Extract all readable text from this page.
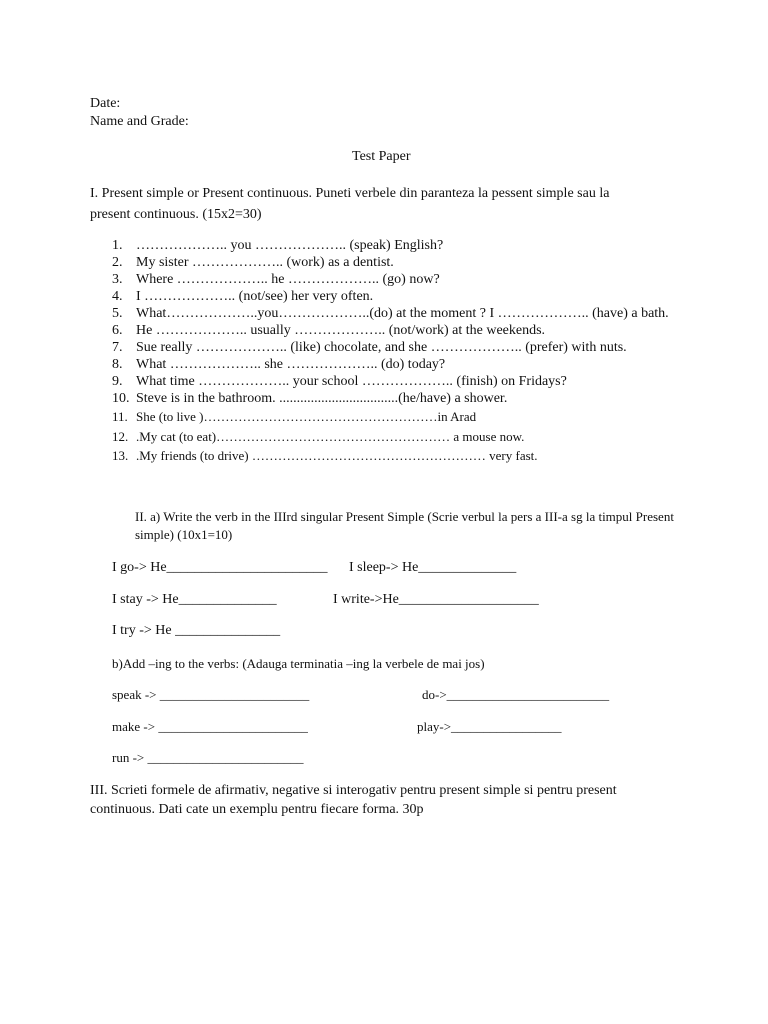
Date:
Name and Grade:
Test Paper
I. Present simple or Present continuous. Puneti verbele din paranteza la pessent simple sau la present continuous. (15x2=30)
1. ……………….. you ……………….. (speak) English?
2. My sister ……………….. (work) as a dentist.
3. Where ……………….. he ……………….. (go) now?
4. I ……………….. (not/see) her very often.
5. What………………..you………………..(do) at the moment ? I ……………….. (have) a bath.
6. He ……………….. usually ……………….. (not/work) at the weekends.
7. Sue really ……………….. (like) chocolate, and she ……………….. (prefer) with nuts.
8. What ……………….. she ……………….. (do) today?
9. What time ……………….. your school ……………….. (finish) on Fridays?
10. Steve is in the bathroom. ..................................(he/have) a shower.
11. She (to live )………………………………………………in Arad
12. .My cat (to eat)……………………………………………… a mouse now.
13. .My friends (to drive) ……………………………………………… very fast.
II. a) Write the verb in the IIIrd singular Present Simple (Scrie verbul la pers a III-a sg la timpul Present simple) (10x1=10)
I go-> He_______________________ I sleep-> He______________
I stay -> He______________	I write->He____________________
I try -> He _______________
b)Add –ing to the verbs: (Adauga terminatia –ing la verbele de mai jos)
speak -> _______________________	do->_________________________
make -> _______________________	play->_________________
run -> ________________________
III. Scrieti formele de afirmativ, negative si interogativ pentru present simple si pentru present continuous. Dati cate un exemplu pentru fiecare forma. 30p
